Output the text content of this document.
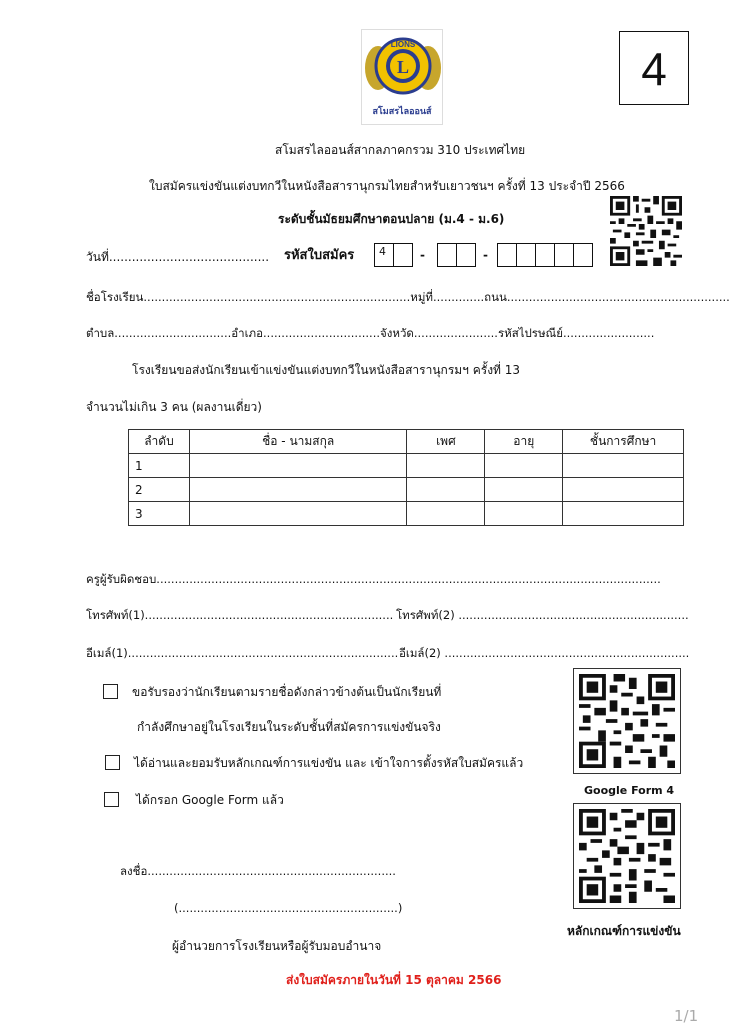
L
LIONS
สโมสรไลออนส์
4
สโมสรไลออนส์สากลภาคกรวม 310 ประเทศไทย
ใบสมัครแข่งขันแต่งบทกวีในหนังสือสารานุกรมไทยสำหรับเยาวชนฯ ครั้งที่ 13 ประจำปี 2566
ระดับชั้นมัธยมศึกษาตอนปลาย (ม.4 - ม.6)
วันที่.......................................... รหัสใบสมัคร	4	-	-
ชื่อโรงเรียน.........................................................................หมู่ที่..............ถนน.............................................................
ตำบล................................อำเภอ................................จังหวัด.......................รหัสไปรษณีย์.........................
โรงเรียนขอส่งนักเรียนเข้าแข่งขันแต่งบทกวีในหนังสือสารานุกรมฯ ครั้งที่ 13
จำนวนไม่เกิน 3 คน (ผลงานเดี่ยว)
ลำดับ	ชื่อ - นามสกุล	เพศ	อายุ	ชั้นการศึกษา
1				
2				
3				
ครูผู้รับผิดชอบ..........................................................................................................................................
โทรศัพท์(1).................................................................... โทรศัพท์(2) ...............................................................
อีเมล์(1).......................................................................... อีเมล์(2) ...................................................................
ขอรับรองว่านักเรียนตามรายชื่อดังกล่าวข้างต้นเป็นนักเรียนที่
กำลังศึกษาอยู่ในโรงเรียนในระดับชั้นที่สมัครการแข่งขันจริง
ได้อ่านและยอมรับหลักเกณฑ์การแข่งขัน และ เข้าใจการตั้งรหัสใบสมัครแล้ว
ได้กรอก Google Form แล้ว
Google Form 4
หลักเกณฑ์การแข่งขัน
ลงชื่อ....................................................................
(............................................................)
ผู้อำนวยการโรงเรียนหรือผู้รับมอบอำนาจ
ส่งใบสมัครภายในวันที่ 15 ตุลาคม 2566
1/1
